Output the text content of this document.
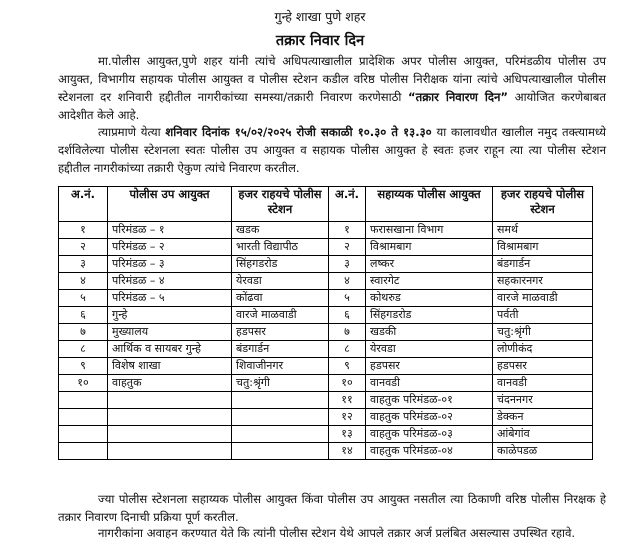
गुन्हे शाखा पुणे शहर
तक्रार निवार दिन

मा.पोलीस आयुक्त,पुणे शहर यांनी त्यांचे अधिपत्याखालील प्रादेशिक अपर पोलीस आयुक्त, परिमंडळीय पोलीस उप आयुक्त, विभागीय सहायक पोलीस आयुक्त व पोलीस स्टेशन कडील वरिष्ठ पोलीस निरीक्षक यांना त्यांचे अधिपत्याखालील पोलीस स्टेशनला दर शनिवारी हद्दीतील नागरीकांच्या समस्या/तक्रारी निवारण करणेसाठी “तक्रार निवारण दिन” आयोजित करणेबाबत आदेशीत केले आहे.

त्याप्रमाणे येत्या शनिवार दिनांक १५/०२/२०२५ रोजी सकाळी १०.३० ते १३.३० या कालावधीत खालील नमुद तक्त्यामध्ये दर्शविलेल्या पोलीस स्टेशनला स्वतः पोलीस उप आयुक्त व सहायक पोलीस आयुक्त हे स्वतः हजर राहून त्या त्या पोलीस स्टेशन हद्दीतील नागरीकांच्या तक्रारी ऐकुण त्यांचे निवारण करतील.

अ.नं.	पोलीस उप आयुक्त	हजर राहयचे पोलीस स्टेशन	अ.नं.	सहाय्यक पोलीस आयुक्त	हजर राहयचे पोलीस स्टेशन
१	परिमंडळ – १	खडक	१	फरासखाना विभाग	समर्थ
२	परिमंडळ – २	भारती विद्यापीठ	२	विश्रामबाग	विश्रामबाग
३	परिमंडळ – ३	सिंहगडरोड	३	लष्कर	बंडगार्डन
४	परिमंडळ – ४	येरवडा	४	स्वारगेट	सहकारनगर
५	परिमंडळ – ५	कोंढवा	५	कोथरुड	वारजे माळवाडी
६	गुन्हे	वारजे माळवाडी	६	सिंहगडरोड	पर्वती
७	मुख्यालय	हडपसर	७	खडकी	चतु:श्रृंगी
८	आर्थिक व सायबर गुन्हे	बंडगार्डन	८	येरवडा	लोणीकंद
९	विशेष शाखा	शिवाजीनगर	९	हडपसर	हडपसर
१०	वाहतुक	चतु:श्रृंगी	१०	वानवडी	वानवडी
			११	वाहतुक परिमंडळ-०१	चंदननगर
			१२	वाहतुक परिमंडळ-०२	डेक्कन
			१३	वाहतुक परिमंडळ-०३	आंबेगांव
			१४	वाहतुक परिमंडळ-०४	काळेपडळ

ज्या पोलीस स्टेशनला सहाय्यक पोलीस आयुक्त किंवा पोलीस उप आयुक्त नसतील त्या ठिकाणी वरिष्ठ पोलीस निरक्षक हे तक्रार निवारण दिनाची प्रक्रिया पूर्ण करतील.

नागरीकांना अवाहन करण्यात येते कि त्यांनी पोलीस स्टेशन येथे आपले तक्रार अर्ज प्रलंबित असल्यास उपस्थित रहावे.
